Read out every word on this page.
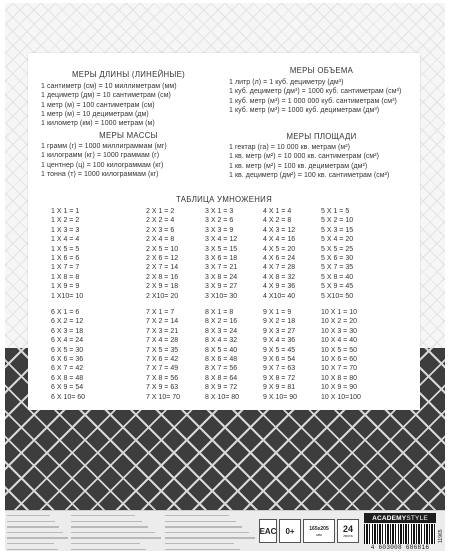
МЕРЫ ДЛИНЫ (ЛИНЕЙНЫЕ)
1 сантиметр (см) = 10 миллиметрам (мм)
1 дециметр (дм) = 10 сантиметрам (см)
1 метр (м) = 100 сантиметрам (см)
1 метр (м) = 10 дециметрам (дм)
1 километр (км) = 1000 метрам (м)
МЕРЫ ОБЪЕМА
1 литр (л) = 1 куб. дециметру (дм³)
1 куб. дециметр (дм³) = 1000 куб. сантиметрам (см³)
1 куб. метр (м³) = 1 000 000 куб. сантиметрам (см³)
1 куб. метр (м³) = 1000 куб. дециметрам (дм³)
МЕРЫ МАССЫ
1 грамм (г) = 1000 миллиграммам (мг)
1 килограмм (кг) = 1000 граммам (г)
1 центнер (ц) = 100 килограммам (кг)
1 тонна (т) = 1000 килограммам (кг)
МЕРЫ ПЛОЩАДИ
1 гектар (га) = 10 000 кв. метрам (м²)
1 кв. метр (м²) = 10 000 кв. сантиметрам (см²)
1 кв. метр (м²) = 100 кв. дециметрам (дм²)
1 кв. дециметр (дм²) = 100 кв. сантиметрам (см²)
ТАБЛИЦА УМНОЖЕНИЯ
1 X 1 = 1
1 X 2 = 2
1 X 3 = 3
1 X 4 = 4
1 X 5 = 5
1 X 6 = 6
1 X 7 = 7
1 X 8 = 8
1 X 9 = 9
1 X10= 10
2 X 1 = 2
2 X 2 = 4
2 X 3 = 6
2 X 4 = 8
2 X 5 = 10
2 X 6 = 12
2 X 7 = 14
2 X 8 = 16
2 X 9 = 18
2 X10= 20
3 X 1 = 3
3 X 2 = 6
3 X 3 = 9
3 X 4 = 12
3 X 5 = 15
3 X 6 = 18
3 X 7 = 21
3 X 8 = 24
3 X 9 = 27
3 X10= 30
4 X 1 = 4
4 X 2 = 8
4 X 3 = 12
4 X 4 = 16
4 X 5 = 20
4 X 6 = 24
4 X 7 = 28
4 X 8 = 32
4 X 9 = 36
4 X10= 40
5 X 1 = 5
5 X 2 = 10
5 X 3 = 15
5 X 4 = 20
5 X 5 = 25
5 X 6 = 30
5 X 7 = 35
5 X 8 = 40
5 X 9 = 45
5 X10= 50
6 X 1 = 6
6 X 2 = 12
6 X 3 = 18
6 X 4 = 24
6 X 5 = 30
6 X 6 = 36
6 X 7 = 42
6 X 8 = 48
6 X 9 = 54
6 X 10= 60
7 X 1 = 7
7 X 2 = 14
7 X 3 = 21
7 X 4 = 28
7 X 5 = 35
7 X 6 = 42
7 X 7 = 49
7 X 8 = 56
7 X 9 = 63
7 X 10= 70
8 X 1 = 8
8 X 2 = 16
8 X 3 = 24
8 X 4 = 32
8 X 5 = 40
8 X 6 = 48
8 X 7 = 56
8 X 8 = 64
8 X 9 = 72
8 X 10= 80
9 X 1 = 9
9 X 2 = 18
9 X 3 = 27
9 X 4 = 36
9 X 5 = 45
9 X 6 = 54
9 X 7 = 63
9 X 8 = 72
9 X 9 = 81
9 X 10= 90
10 X 1 = 10
10 X 2 = 20
10 X 3 = 30
10 X 4 = 40
10 X 5 = 50
10 X 6 = 60
10 X 7 = 70
10 X 8 = 80
10 X 9 = 90
10 X 10=100
EAC	0+	165х205
мм 24
листа
ACADEMY STYLE
4 603008 686816
11965
